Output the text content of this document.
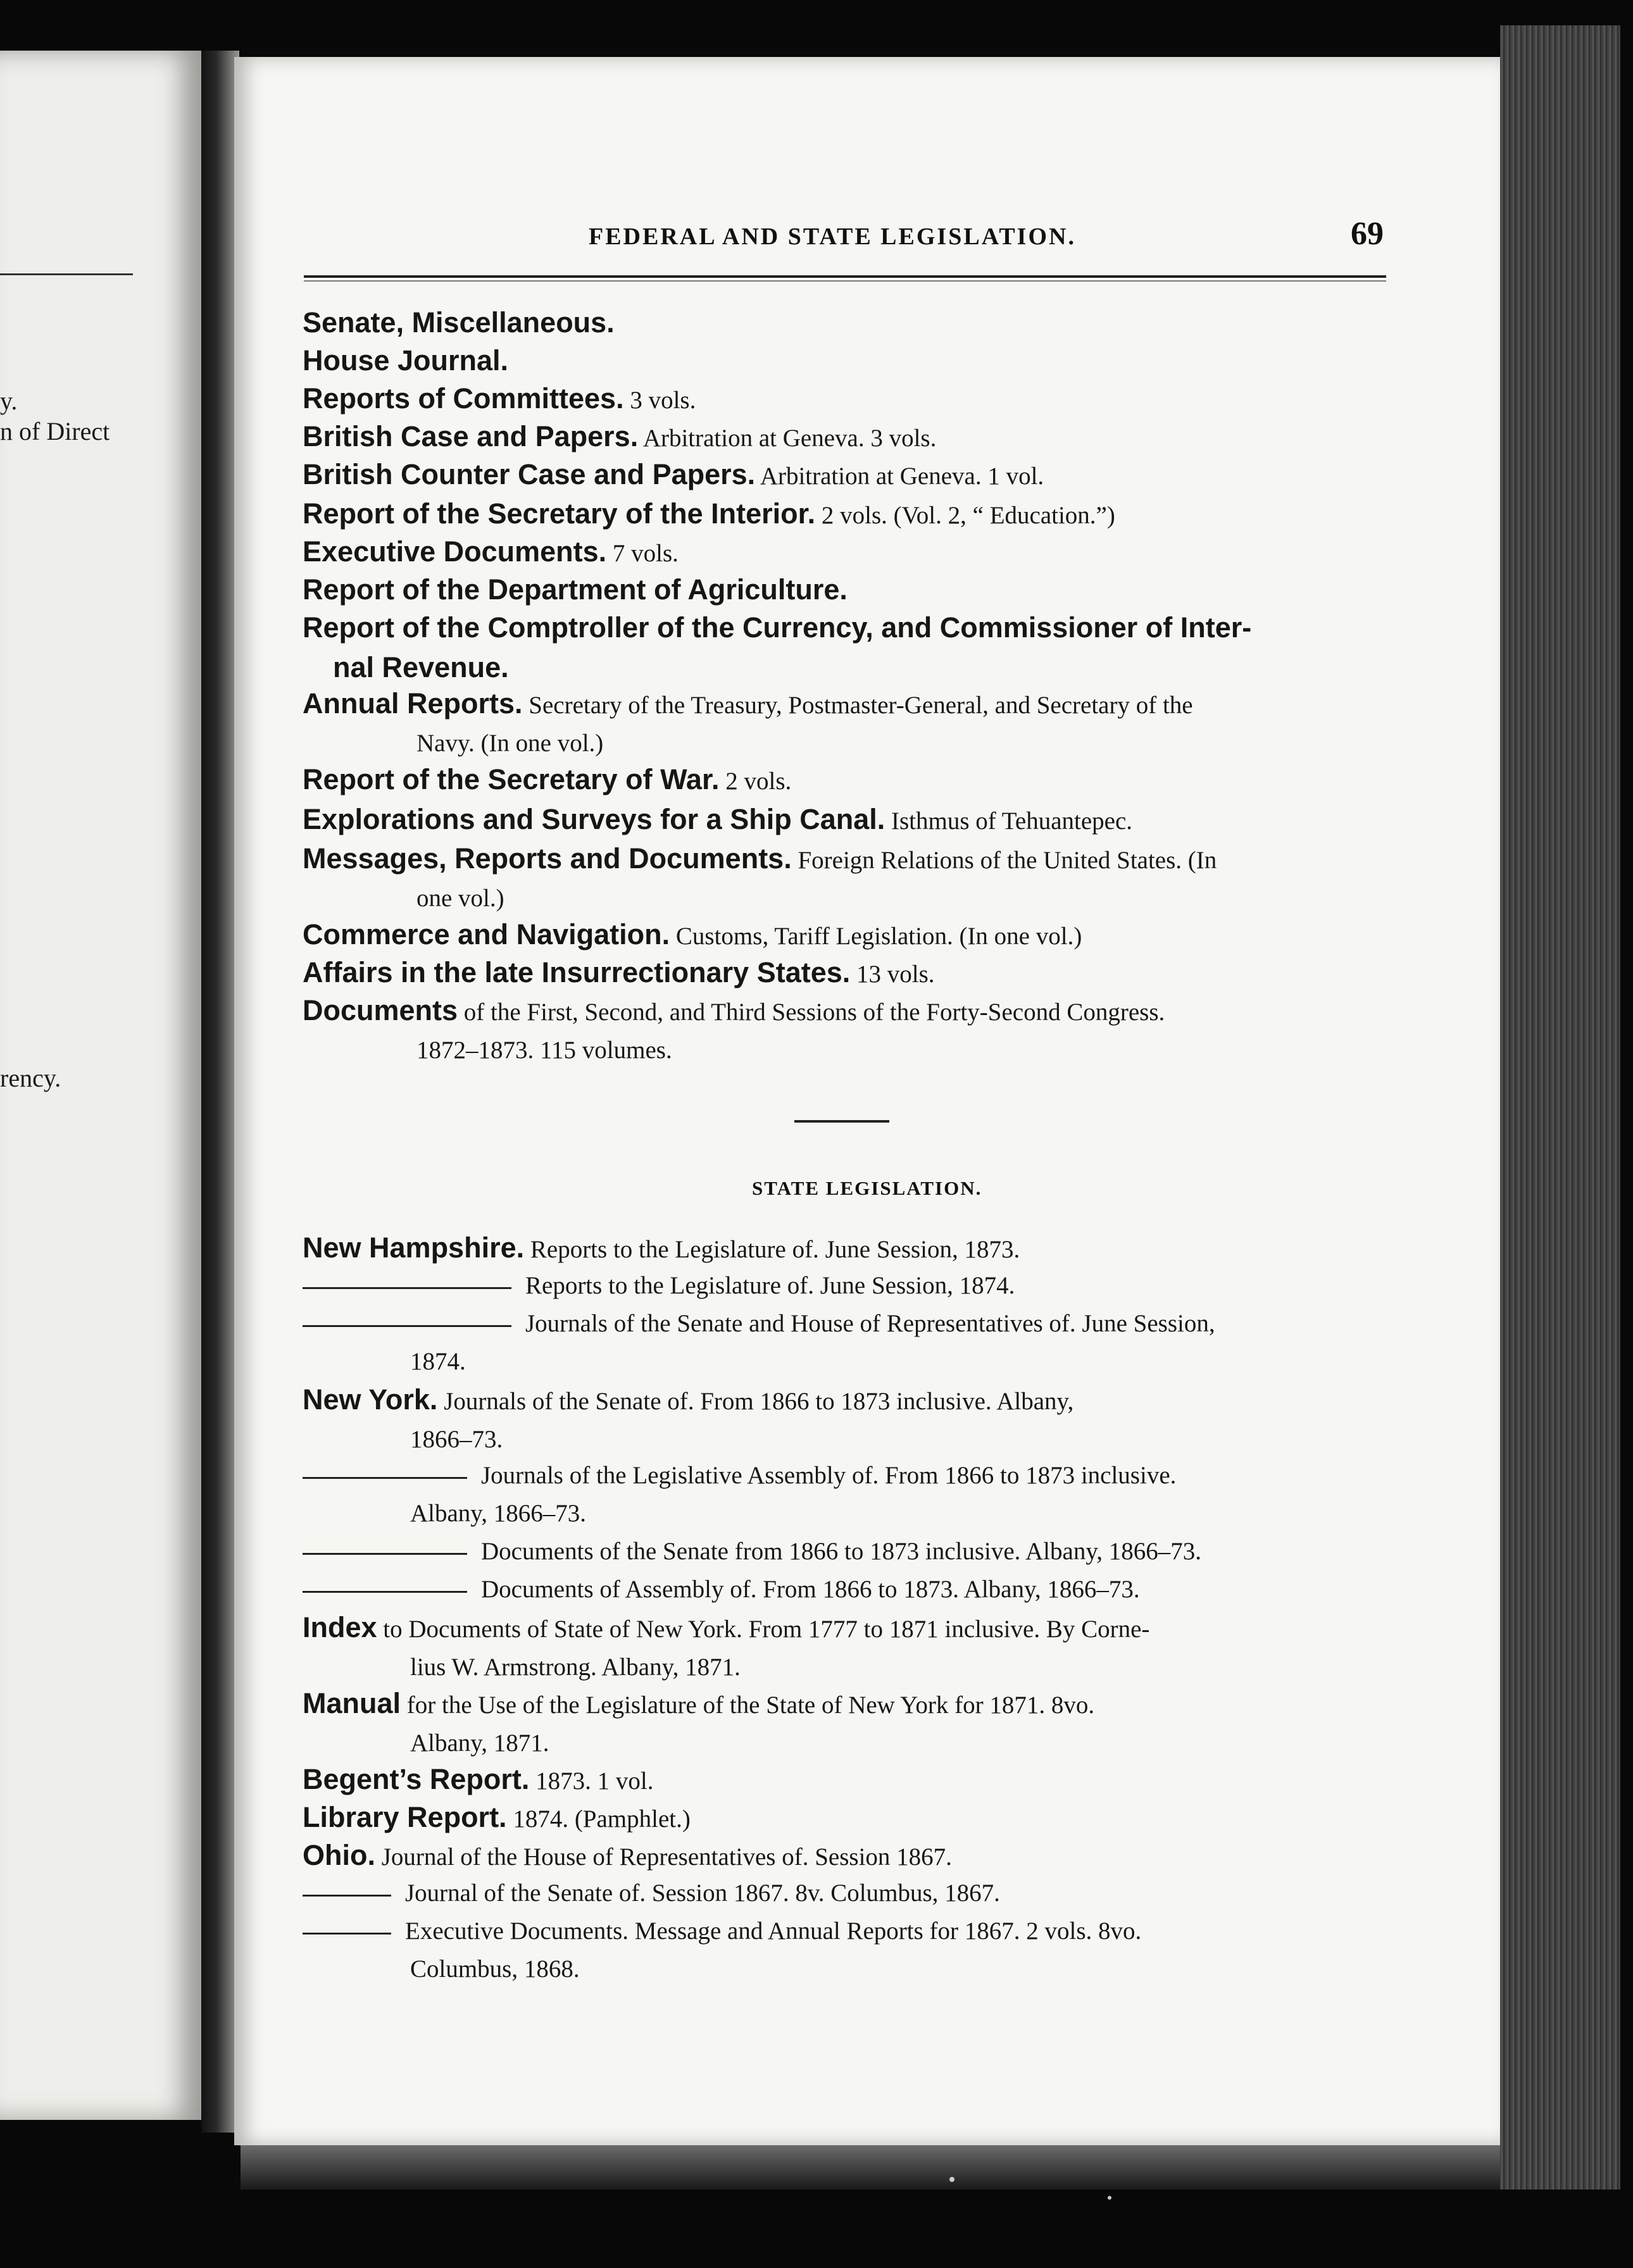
y.
n of Direct
rency.
FEDERAL AND STATE LEGISLATION.	69
Senate, Miscellaneous.
House Journal.
Reports of Committees. 3 vols.
British Case and Papers. Arbitration at Geneva. 3 vols.
British Counter Case and Papers. Arbitration at Geneva. 1 vol.
Report of the Secretary of the Interior. 2 vols. (Vol. 2, “ Education.”)
Executive Documents. 7 vols.
Report of the Department of Agriculture.
Report of the Comptroller of the Currency, and Commissioner of Inter-
nal Revenue.
Annual Reports. Secretary of the Treasury, Postmaster-General, and Secretary of the
Navy. (In one vol.)
Report of the Secretary of War. 2 vols.
Explorations and Surveys for a Ship Canal. Isthmus of Tehuantepec.
Messages, Reports and Documents. Foreign Relations of the United States. (In
one vol.)
Commerce and Navigation. Customs, Tariff Legislation. (In one vol.)
Affairs in the late Insurrectionary States. 13 vols.
Documents of the First, Second, and Third Sessions of the Forty-Second Congress.
1872–1873. 115 volumes.
STATE LEGISLATION.
New Hampshire. Reports to the Legislature of. June Session, 1873.
Reports to the Legislature of. June Session, 1874.
Journals of the Senate and House of Representatives of. June Session,
1874.
New York. Journals of the Senate of. From 1866 to 1873 inclusive. Albany,
1866–73.
Journals of the Legislative Assembly of. From 1866 to 1873 inclusive.
Albany, 1866–73.
Documents of the Senate from 1866 to 1873 inclusive. Albany, 1866–73.
Documents of Assembly of. From 1866 to 1873. Albany, 1866–73.
Index to Documents of State of New York. From 1777 to 1871 inclusive. By Corne-
lius W. Armstrong. Albany, 1871.
Manual for the Use of the Legislature of the State of New York for 1871. 8vo.
Albany, 1871.
Begent’s Report. 1873. 1 vol.
Library Report. 1874. (Pamphlet.)
Ohio. Journal of the House of Representatives of. Session 1867.
Journal of the Senate of. Session 1867. 8v. Columbus, 1867.
Executive Documents. Message and Annual Reports for 1867. 2 vols. 8vo.
Columbus, 1868.
